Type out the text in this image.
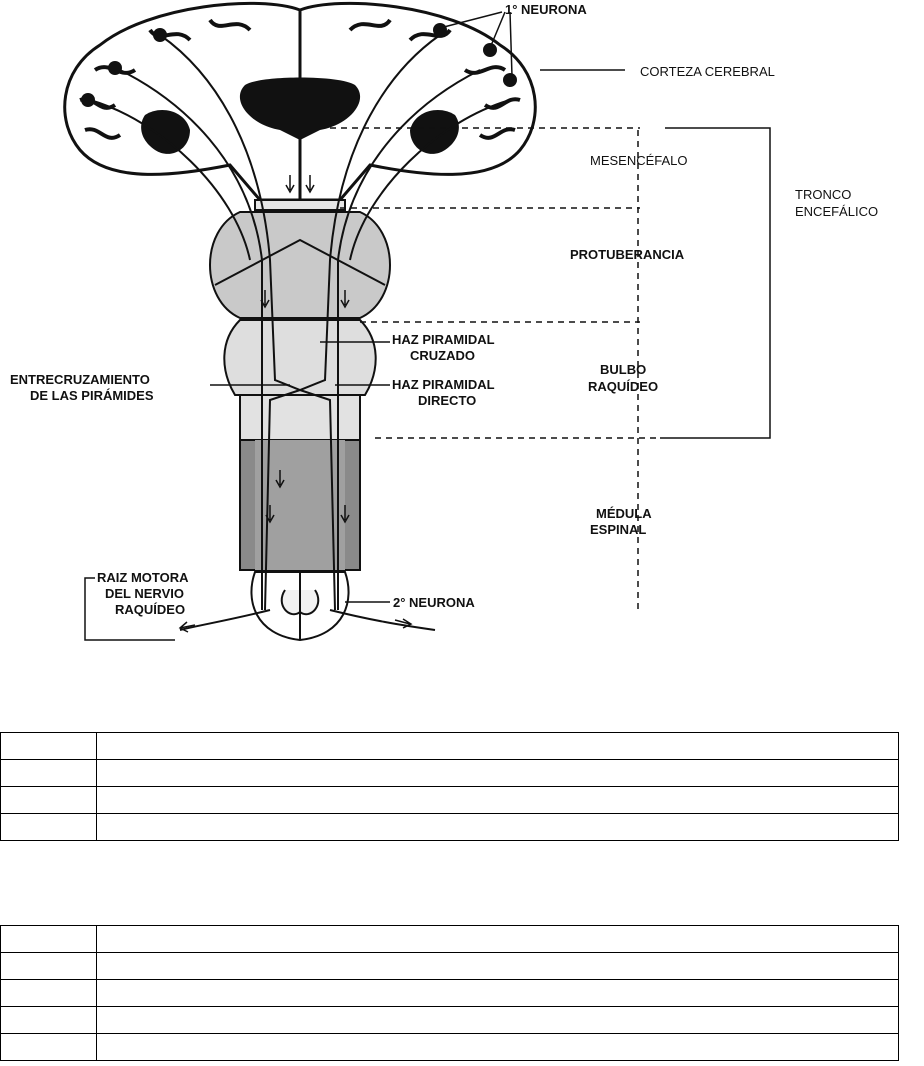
1° NEURONA
CORTEZA CEREBRAL
MESENCÉFALO
TRONCO
ENCEFÁLICO
PROTUBERANCIA
HAZ PIRAMIDAL
CRUZADO
BULBO
RAQUÍDEO
ENTRECRUZAMIENTO
DE LAS PIRÁMIDES
HAZ PIRAMIDAL
DIRECTO
MÉDULA
ESPINAL
RAIZ MOTORA
DEL NERVIO
RAQUÍDEO	2° NEURONA
